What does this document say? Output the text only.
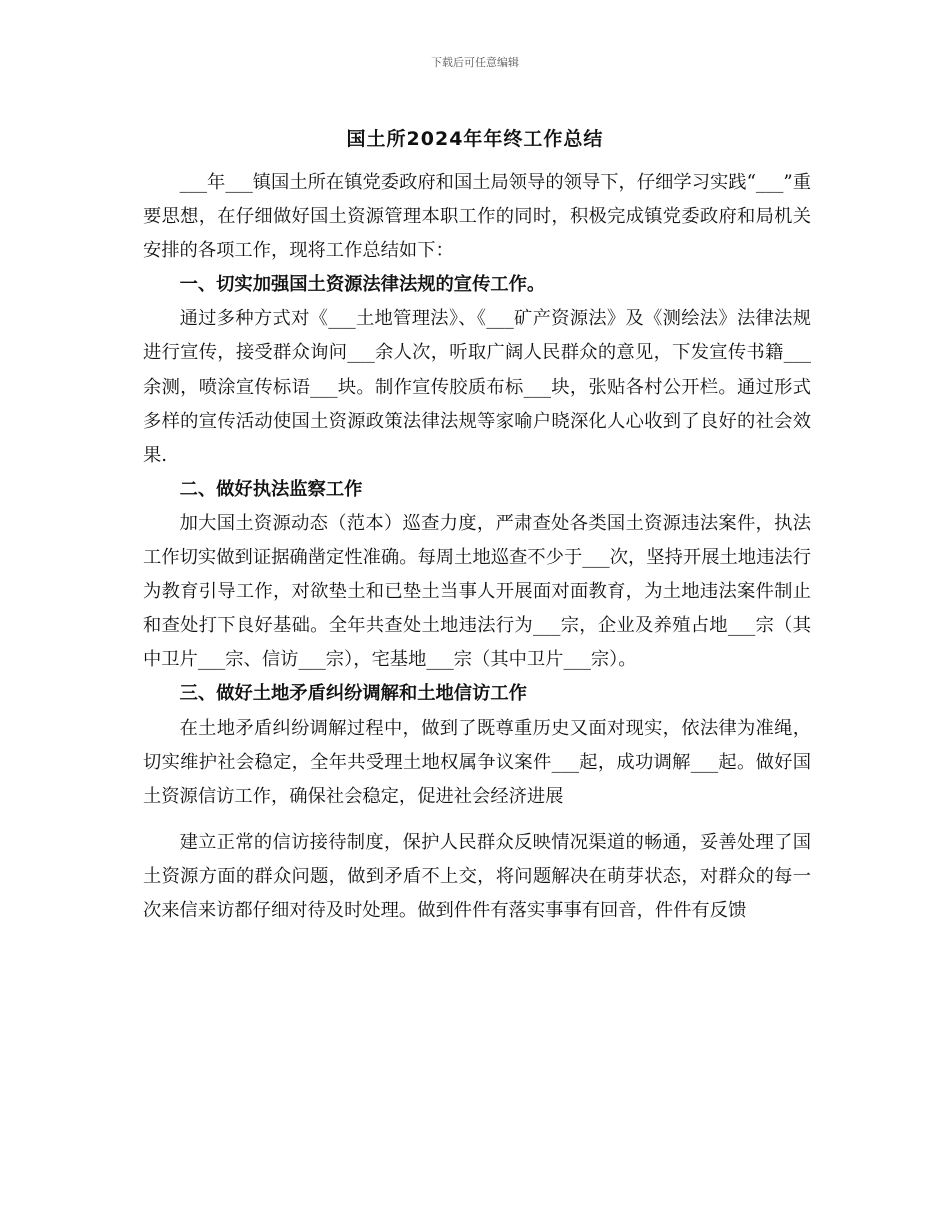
下载后可任意编辑
国土所2024年年终工作总结

___年___镇国土所在镇党委政府和国土局领导的领导下，仔细学习实践“___”重要思想，在仔细做好国土资源管理本职工作的同时，积极完成镇党委政府和局机关安排的各项工作，现将工作总结如下：

一、切实加强国土资源法律法规的宣传工作。

通过多种方式对《___土地管理法》、《___矿产资源法》及《测绘法》法律法规进行宣传，接受群众询问___余人次，听取广阔人民群众的意见，下发宣传书籍___余测，喷涂宣传标语___块。制作宣传胶质布标___块，张贴各村公开栏。通过形式多样的宣传活动使国土资源政策法律法规等家喻户晓深化人心收到了良好的社会效果.

二、做好执法监察工作

加大国土资源动态（范本）巡查力度，严肃查处各类国土资源违法案件，执法工作切实做到证据确凿定性准确。每周土地巡查不少于___次，坚持开展土地违法行为教育引导工作，对欲垫土和已垫土当事人开展面对面教育，为土地违法案件制止和查处打下良好基础。全年共查处土地违法行为___宗，企业及养殖占地___宗（其中卫片___宗、信访___宗），宅基地___宗（其中卫片___宗）。

三、做好土地矛盾纠纷调解和土地信访工作

在土地矛盾纠纷调解过程中，做到了既尊重历史又面对现实，依法律为准绳，切实维护社会稳定，全年共受理土地权属争议案件___起，成功调解___起。做好国土资源信访工作，确保社会稳定，促进社会经济进展

建立正常的信访接待制度，保护人民群众反映情况渠道的畅通，妥善处理了国土资源方面的群众问题，做到矛盾不上交，将问题解决在萌芽状态，对群众的每一次来信来访都仔细对待及时处理。做到件件有落实事事有回音，件件有反馈
